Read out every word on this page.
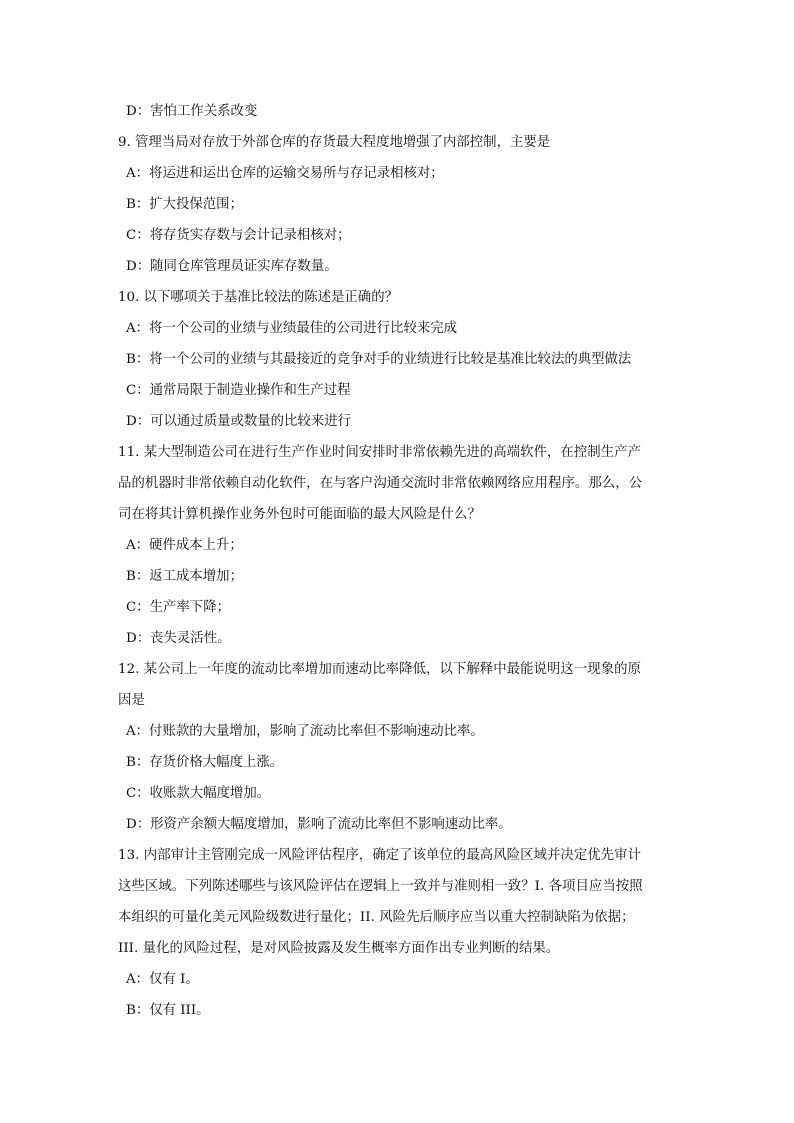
D：害怕工作关系改变
9. 管理当局对存放于外部仓库的存货最大程度地增强了内部控制，主要是
A：将运进和运出仓库的运输交易所与存记录相核对；
B：扩大投保范围；
C：将存货实存数与会计记录相核对；
D：随同仓库管理员证实库存数量。
10. 以下哪项关于基准比较法的陈述是正确的？
A：将一个公司的业绩与业绩最佳的公司进行比较来完成
B：将一个公司的业绩与其最接近的竞争对手的业绩进行比较是基准比较法的典型做法
C：通常局限于制造业操作和生产过程
D：可以通过质量或数量的比较来进行
11. 某大型制造公司在进行生产作业时间安排时非常依赖先进的高端软件，在控制生产产
品的机器时非常依赖自动化软件，在与客户沟通交流时非常依赖网络应用程序。那么，公
司在将其计算机操作业务外包时可能面临的最大风险是什么？
A：硬件成本上升；
B：返工成本增加；
C：生产率下降；
D：丧失灵活性。
12. 某公司上一年度的流动比率增加而速动比率降低，以下解释中最能说明这一现象的原
因是
A：付账款的大量增加，影响了流动比率但不影响速动比率。
B：存货价格大幅度上涨。
C：收账款大幅度增加。
D：形资产余额大幅度增加，影响了流动比率但不影响速动比率。
13. 内部审计主管刚完成一风险评估程序，确定了该单位的最高风险区域并决定优先审计
这些区域。下列陈述哪些与该风险评估在逻辑上一致并与准则相一致？I. 各项目应当按照
本组织的可量化美元风险级数进行量化；II. 风险先后顺序应当以重大控制缺陷为依据；
III. 量化的风险过程，是对风险披露及发生概率方面作出专业判断的结果。
A：仅有 I。
B：仅有 III。
